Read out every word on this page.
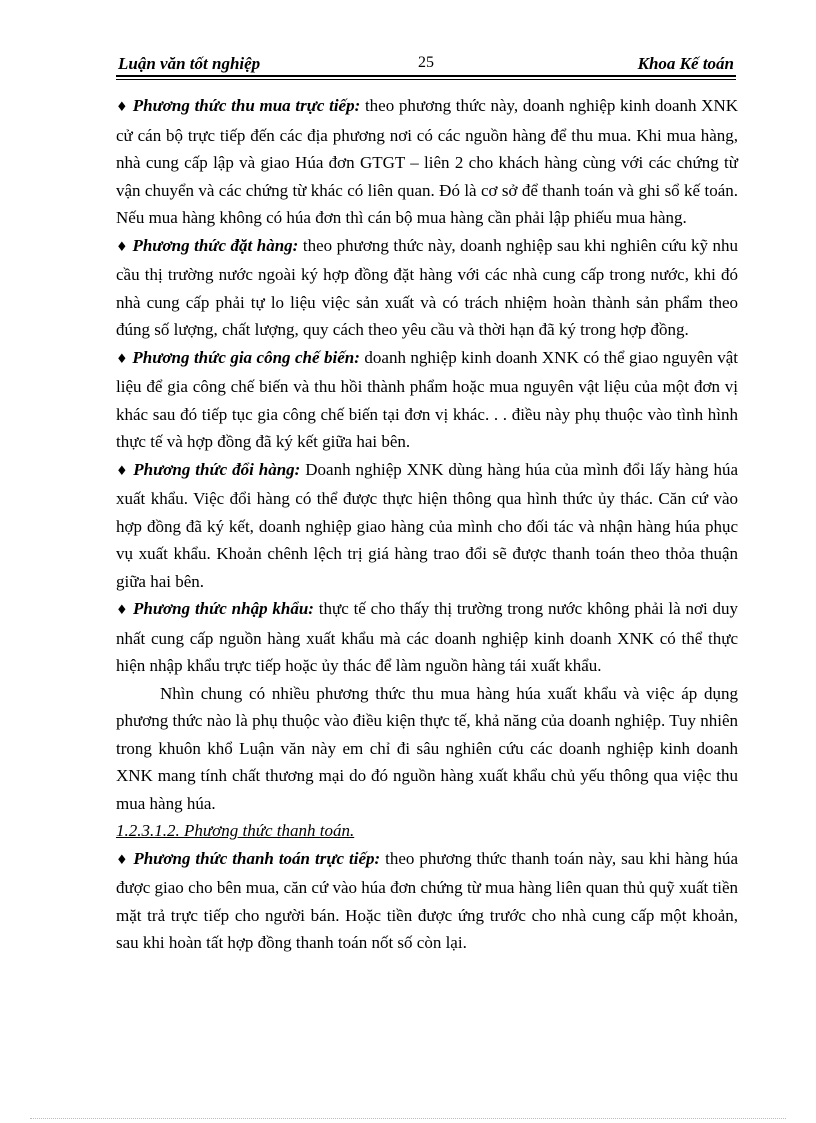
Luận văn tốt nghiệp	25	Khoa Kế toán

♦ Phương thức thu mua trực tiếp: theo phương thức này, doanh nghiệp kinh doanh XNK cử cán bộ trực tiếp đến các địa phương nơi có các nguồn hàng để thu mua. Khi mua hàng, nhà cung cấp lập và giao Húa đơn GTGT – liên 2 cho khách hàng cùng với các chứng từ vận chuyển và các chứng từ khác có liên quan. Đó là cơ sở để thanh toán và ghi sổ kế toán. Nếu mua hàng không có húa đơn thì cán bộ mua hàng cần phải lập phiếu mua hàng.

♦ Phương thức đặt hàng: theo phương thức này, doanh nghiệp sau khi nghiên cứu kỹ nhu cầu thị trường nước ngoài ký hợp đồng đặt hàng với các nhà cung cấp trong nước, khi đó nhà cung cấp phải tự lo liệu việc sản xuất và có trách nhiệm hoàn thành sản phẩm theo đúng số lượng, chất lượng, quy cách theo yêu cầu và thời hạn đã ký trong hợp đồng.

♦ Phương thức gia công chế biến: doanh nghiệp kinh doanh XNK có thể giao nguyên vật liệu để gia công chế biến và thu hồi thành phẩm hoặc mua nguyên vật liệu của một đơn vị khác sau đó tiếp tục gia công chế biến tại đơn vị khác. . . điều này phụ thuộc vào tình hình thực tế và hợp đồng đã ký kết giữa hai bên.

♦ Phương thức đổi hàng: Doanh nghiệp XNK dùng hàng húa của mình đổi lấy hàng húa xuất khẩu. Việc đổi hàng có thể được thực hiện thông qua hình thức ủy thác. Căn cứ vào hợp đồng đã ký kết, doanh nghiệp giao hàng của mình cho đối tác và nhận hàng húa phục vụ xuất khẩu. Khoản chênh lệch trị giá hàng trao đổi sẽ được thanh toán theo thỏa thuận giữa hai bên.

♦ Phương thức nhập khẩu: thực tế cho thấy thị trường trong nước không phải là nơi duy nhất cung cấp nguồn hàng xuất khẩu mà các doanh nghiệp kinh doanh XNK có thể thực hiện nhập khẩu trực tiếp hoặc ủy thác để làm nguồn hàng tái xuất khẩu.

Nhìn chung có nhiều phương thức thu mua hàng húa xuất khẩu và việc áp dụng phương thức nào là phụ thuộc vào điều kiện thực tế, khả năng của doanh nghiệp. Tuy nhiên trong khuôn khổ Luận văn này em chỉ đi sâu nghiên cứu các doanh nghiệp kinh doanh XNK mang tính chất thương mại do đó nguồn hàng xuất khẩu chủ yếu thông qua việc thu mua hàng húa.

1.2.3.1.2. Phương thức thanh toán.

♦ Phương thức thanh toán trực tiếp: theo phương thức thanh toán này, sau khi hàng húa được giao cho bên mua, căn cứ vào húa đơn chứng từ mua hàng liên quan thủ quỹ xuất tiền mặt trả trực tiếp cho người bán. Hoặc tiền được ứng trước cho nhà cung cấp một khoản, sau khi hoàn tất hợp đồng thanh toán nốt số còn lại.
